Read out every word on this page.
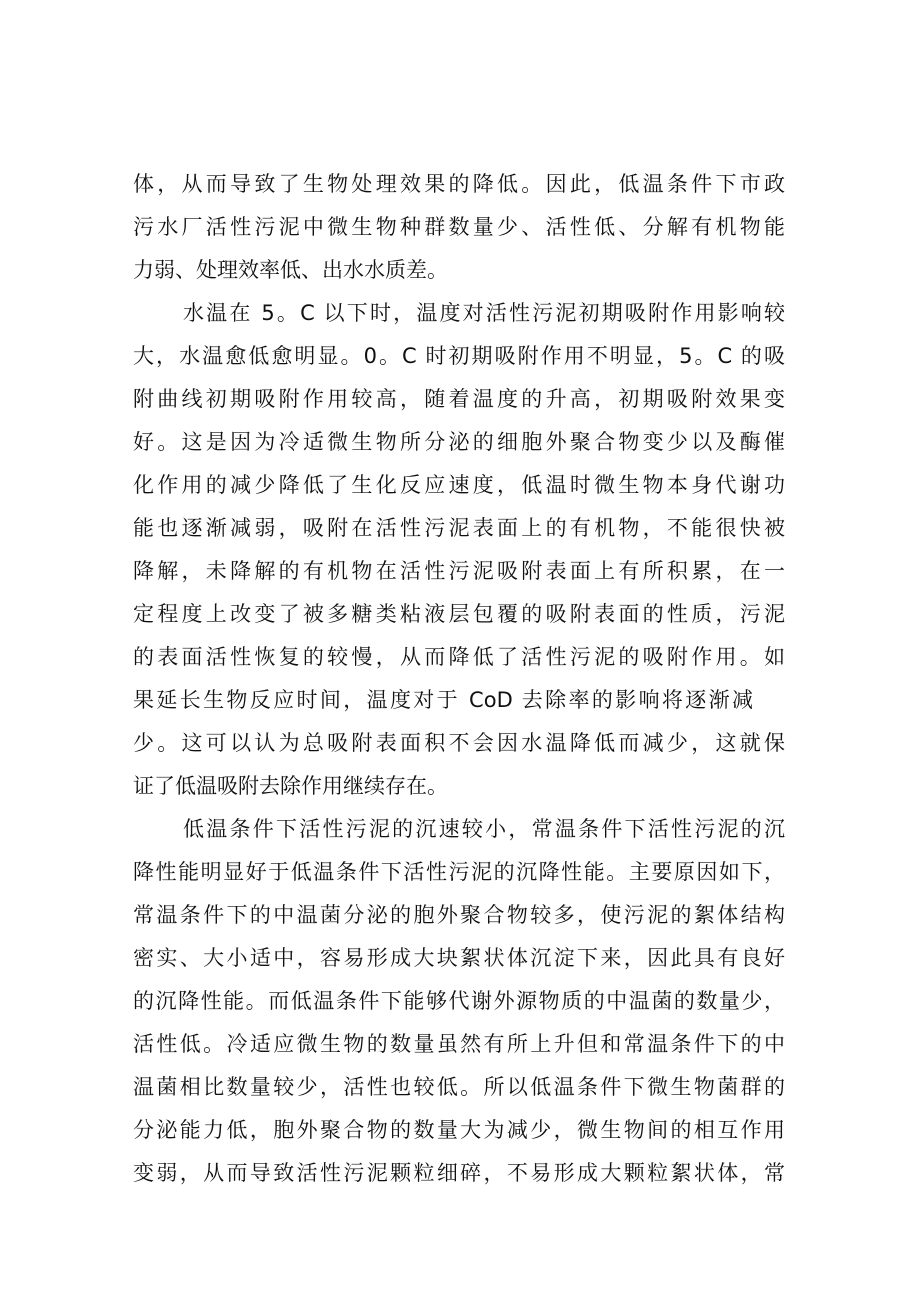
体，从而导致了生物处理效果的降低。因此，低温条件下市政
污水厂活性污泥中微生物种群数量少、活性低、分解有机物能
力弱、处理效率低、出水水质差。
水温在 5。C 以下时，温度对活性污泥初期吸附作用影响较
大，水温愈低愈明显。0。C 时初期吸附作用不明显，5。C 的吸
附曲线初期吸附作用较高，随着温度的升高，初期吸附效果变
好。这是因为冷适微生物所分泌的细胞外聚合物变少以及酶催
化作用的减少降低了生化反应速度，低温时微生物本身代谢功
能也逐渐减弱，吸附在活性污泥表面上的有机物，不能很快被
降解，未降解的有机物在活性污泥吸附表面上有所积累，在一
定程度上改变了被多糖类粘液层包覆的吸附表面的性质，污泥
的表面活性恢复的较慢，从而降低了活性污泥的吸附作用。如
果延长生物反应时间，温度对于 CoD 去除率的影响将逐渐减
少。这可以认为总吸附表面积不会因水温降低而减少，这就保
证了低温吸附去除作用继续存在。
低温条件下活性污泥的沉速较小，常温条件下活性污泥的沉
降性能明显好于低温条件下活性污泥的沉降性能。主要原因如下，
常温条件下的中温菌分泌的胞外聚合物较多，使污泥的絮体结构
密实、大小适中，容易形成大块絮状体沉淀下来，因此具有良好
的沉降性能。而低温条件下能够代谢外源物质的中温菌的数量少，
活性低。冷适应微生物的数量虽然有所上升但和常温条件下的中
温菌相比数量较少，活性也较低。所以低温条件下微生物菌群的
分泌能力低，胞外聚合物的数量大为减少，微生物间的相互作用
变弱，从而导致活性污泥颗粒细碎，不易形成大颗粒絮状体，常
